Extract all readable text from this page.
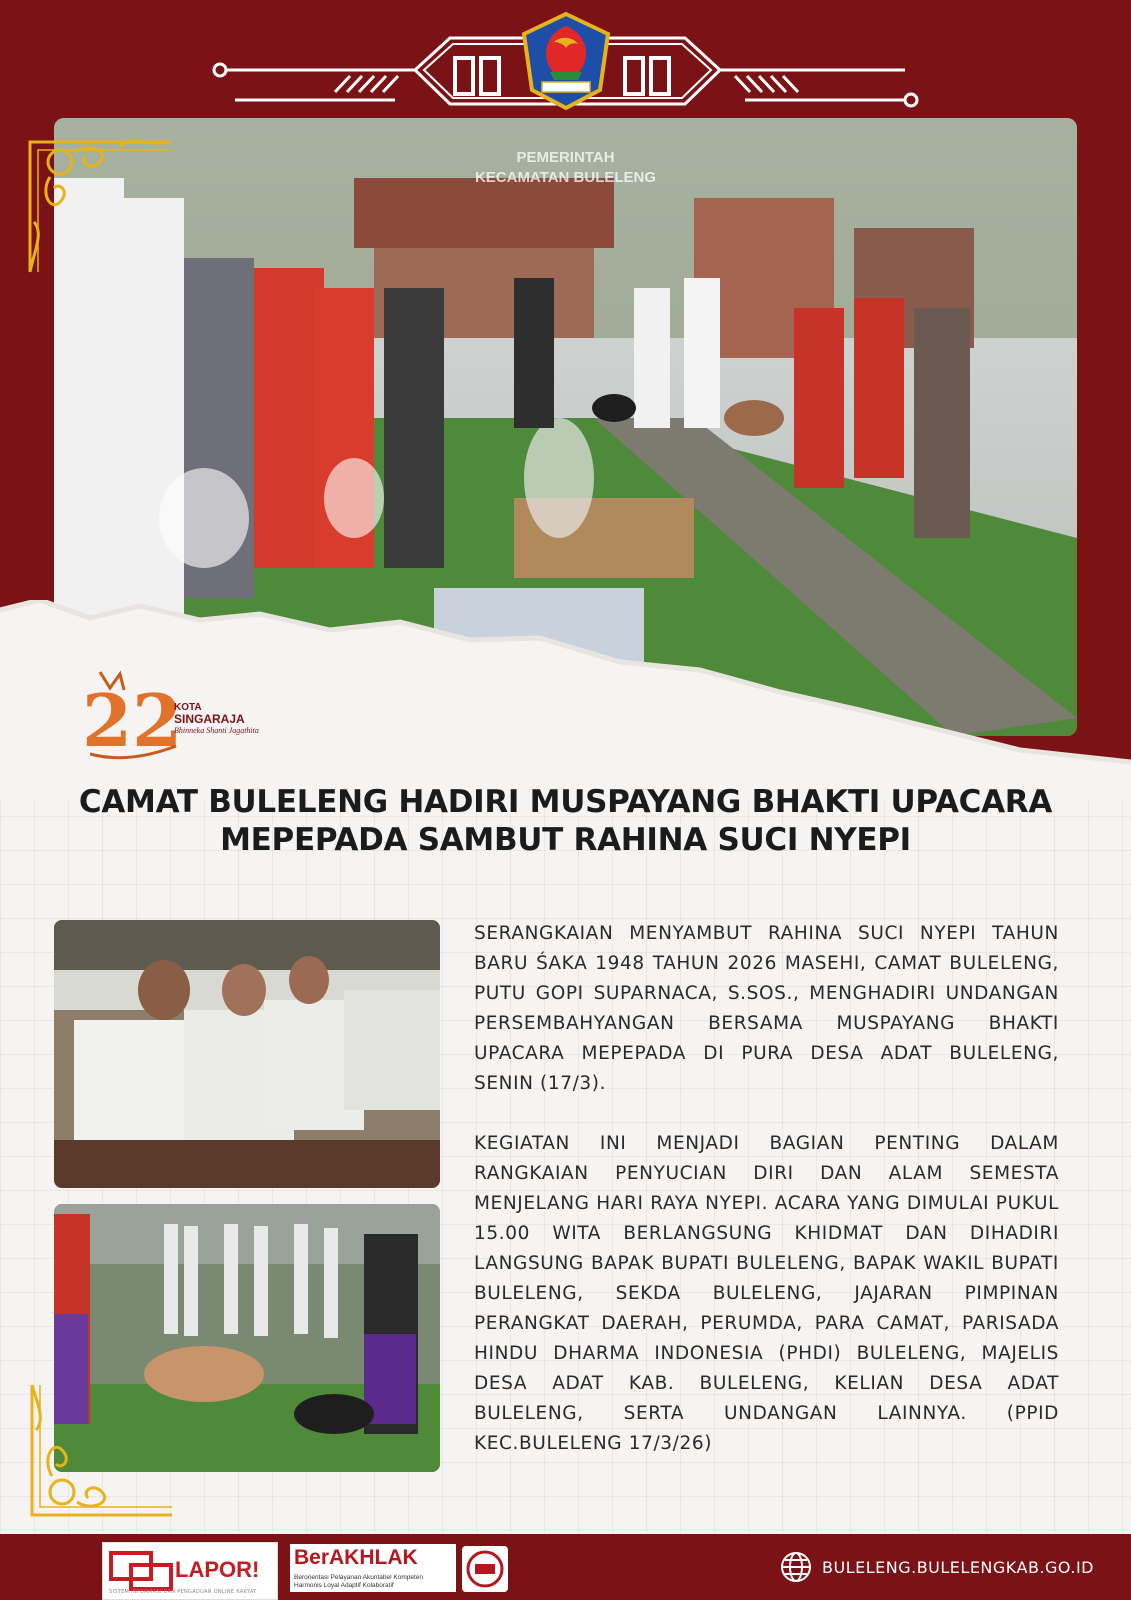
PEMERINTAH
KECAMATAN BULELENG
22
KOTA
SINGARAJA
Bhinneka Shanti Jagathita
CAMAT BULELENG HADIRI MUSPAYANG BHAKTI UPACARA MEPEPADA SAMBUT RAHINA SUCI NYEPI

SERANGKAIAN MENYAMBUT RAHINA SUCI NYEPI TAHUN BARU ŚAKA 1948 TAHUN 2026 MASEHI, CAMAT BULELENG, PUTU GOPI SUPARNACA, S.SOS., MENGHADIRI UNDANGAN PERSEMBAHYANGAN BERSAMA MUSPAYANG BHAKTI UPACARA MEPEPADA DI PURA DESA ADAT BULELENG, SENIN (17/3).

KEGIATAN INI MENJADI BAGIAN PENTING DALAM RANGKAIAN PENYUCIAN DIRI DAN ALAM SEMESTA MENJELANG HARI RAYA NYEPI. ACARA YANG DIMULAI PUKUL 15.00 WITA BERLANGSUNG KHIDMAT DAN DIHADIRI LANGSUNG BAPAK BUPATI BULELENG, BAPAK WAKIL BUPATI BULELENG, SEKDA BULELENG, JAJARAN PIMPINAN PERANGKAT DAERAH, PERUMDA, PARA CAMAT, PARISADA HINDU DHARMA INDONESIA (PHDI) BULELENG, MAJELIS DESA ADAT KAB. BULELENG, KELIAN DESA ADAT BULELENG, SERTA UNDANGAN LAINNYA. (PPID KEC.BULELENG 17/3/26)

LAPOR!
SISTEM INFORMASI DAN PENGADUAN ONLINE RAKYAT
BerAKHLAK
Berorientasi Pelayanan Akuntabel Kompeten
Harmonis Loyal Adaptif Kolaboratif
BULELENG.BULELENGKAB.GO.ID
